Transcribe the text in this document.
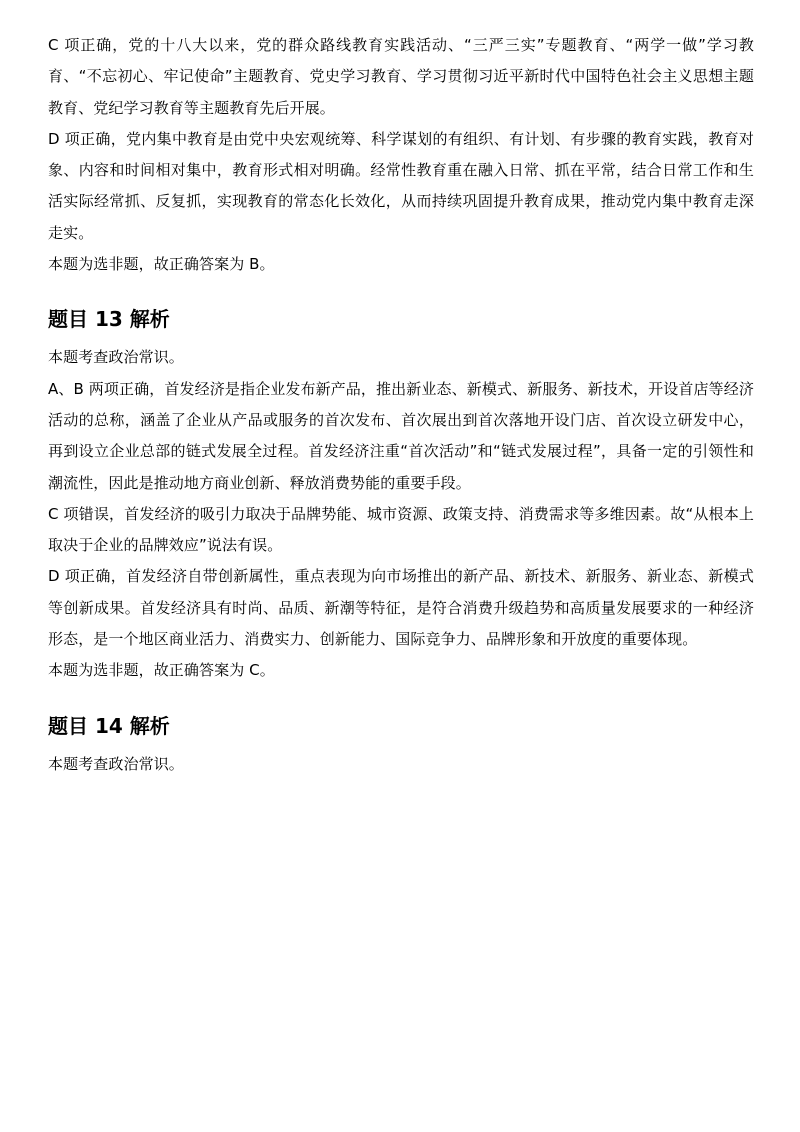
C 项正确，党的十八大以来，党的群众路线教育实践活动、“三严三实”专题教育、“两学一做”学习教育、“不忘初心、牢记使命”主题教育、党史学习教育、学习贯彻习近平新时代中国特色社会主义思想主题教育、党纪学习教育等主题教育先后开展。

D 项正确，党内集中教育是由党中央宏观统筹、科学谋划的有组织、有计划、有步骤的教育实践，教育对象、内容和时间相对集中，教育形式相对明确。经常性教育重在融入日常、抓在平常，结合日常工作和生活实际经常抓、反复抓，实现教育的常态化长效化，从而持续巩固提升教育成果，推动党内集中教育走深走实。

本题为选非题，故正确答案为 B。

题目 13 解析

本题考查政治常识。

A、B 两项正确，首发经济是指企业发布新产品，推出新业态、新模式、新服务、新技术，开设首店等经济活动的总称，涵盖了企业从产品或服务的首次发布、首次展出到首次落地开设门店、首次设立研发中心，再到设立企业总部的链式发展全过程。首发经济注重“首次活动”和“链式发展过程”，具备一定的引领性和潮流性，因此是推动地方商业创新、释放消费势能的重要手段。

C 项错误，首发经济的吸引力取决于品牌势能、城市资源、政策支持、消费需求等多维因素。故“从根本上取决于企业的品牌效应”说法有误。

D 项正确，首发经济自带创新属性，重点表现为向市场推出的新产品、新技术、新服务、新业态、新模式等创新成果。首发经济具有时尚、品质、新潮等特征，是符合消费升级趋势和高质量发展要求的一种经济形态，是一个地区商业活力、消费实力、创新能力、国际竞争力、品牌形象和开放度的重要体现。

本题为选非题，故正确答案为 C。

题目 14 解析

本题考查政治常识。
